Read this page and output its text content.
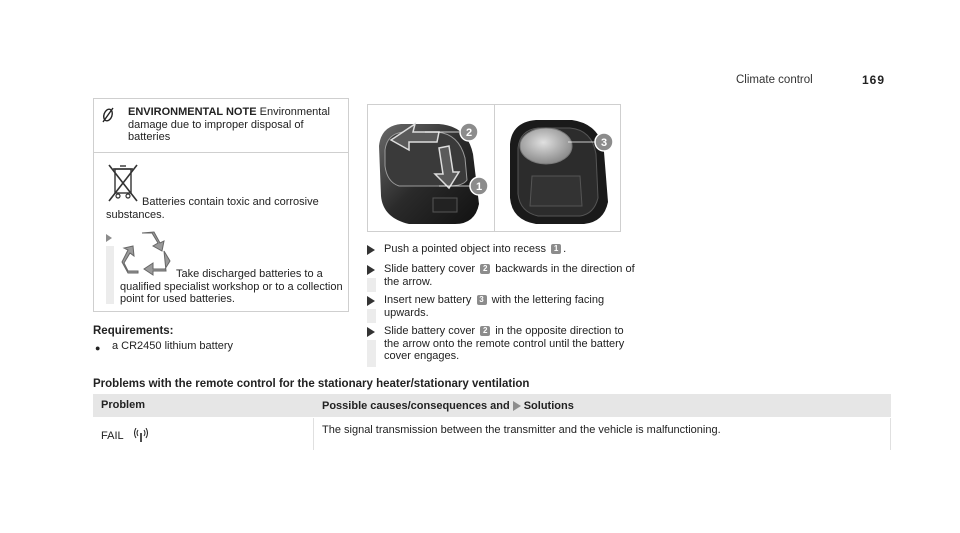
Climate control	169
ENVIRONMENTAL NOTE Environmental damage due to improper disposal of batteries
Batteries contain toxic and corrosive substances.
Take discharged batteries to a qualified specialist workshop or to a collection point for used batteries.
Requirements:
● a CR2450 lithium battery
2
1
3
Push a pointed object into recess 1 .
Slide battery cover 2 backwards in the direction of the arrow.
Insert new battery 3 with the lettering facing upwards.
Slide battery cover 2 in the opposite direction to the arrow onto the remote control until the battery cover engages.
Problems with the remote control for the stationary heater/stationary ventilation
Problem	Possible causes/consequences and Solutions
FAIL	The signal transmission between the transmitter and the vehicle is malfunctioning.
